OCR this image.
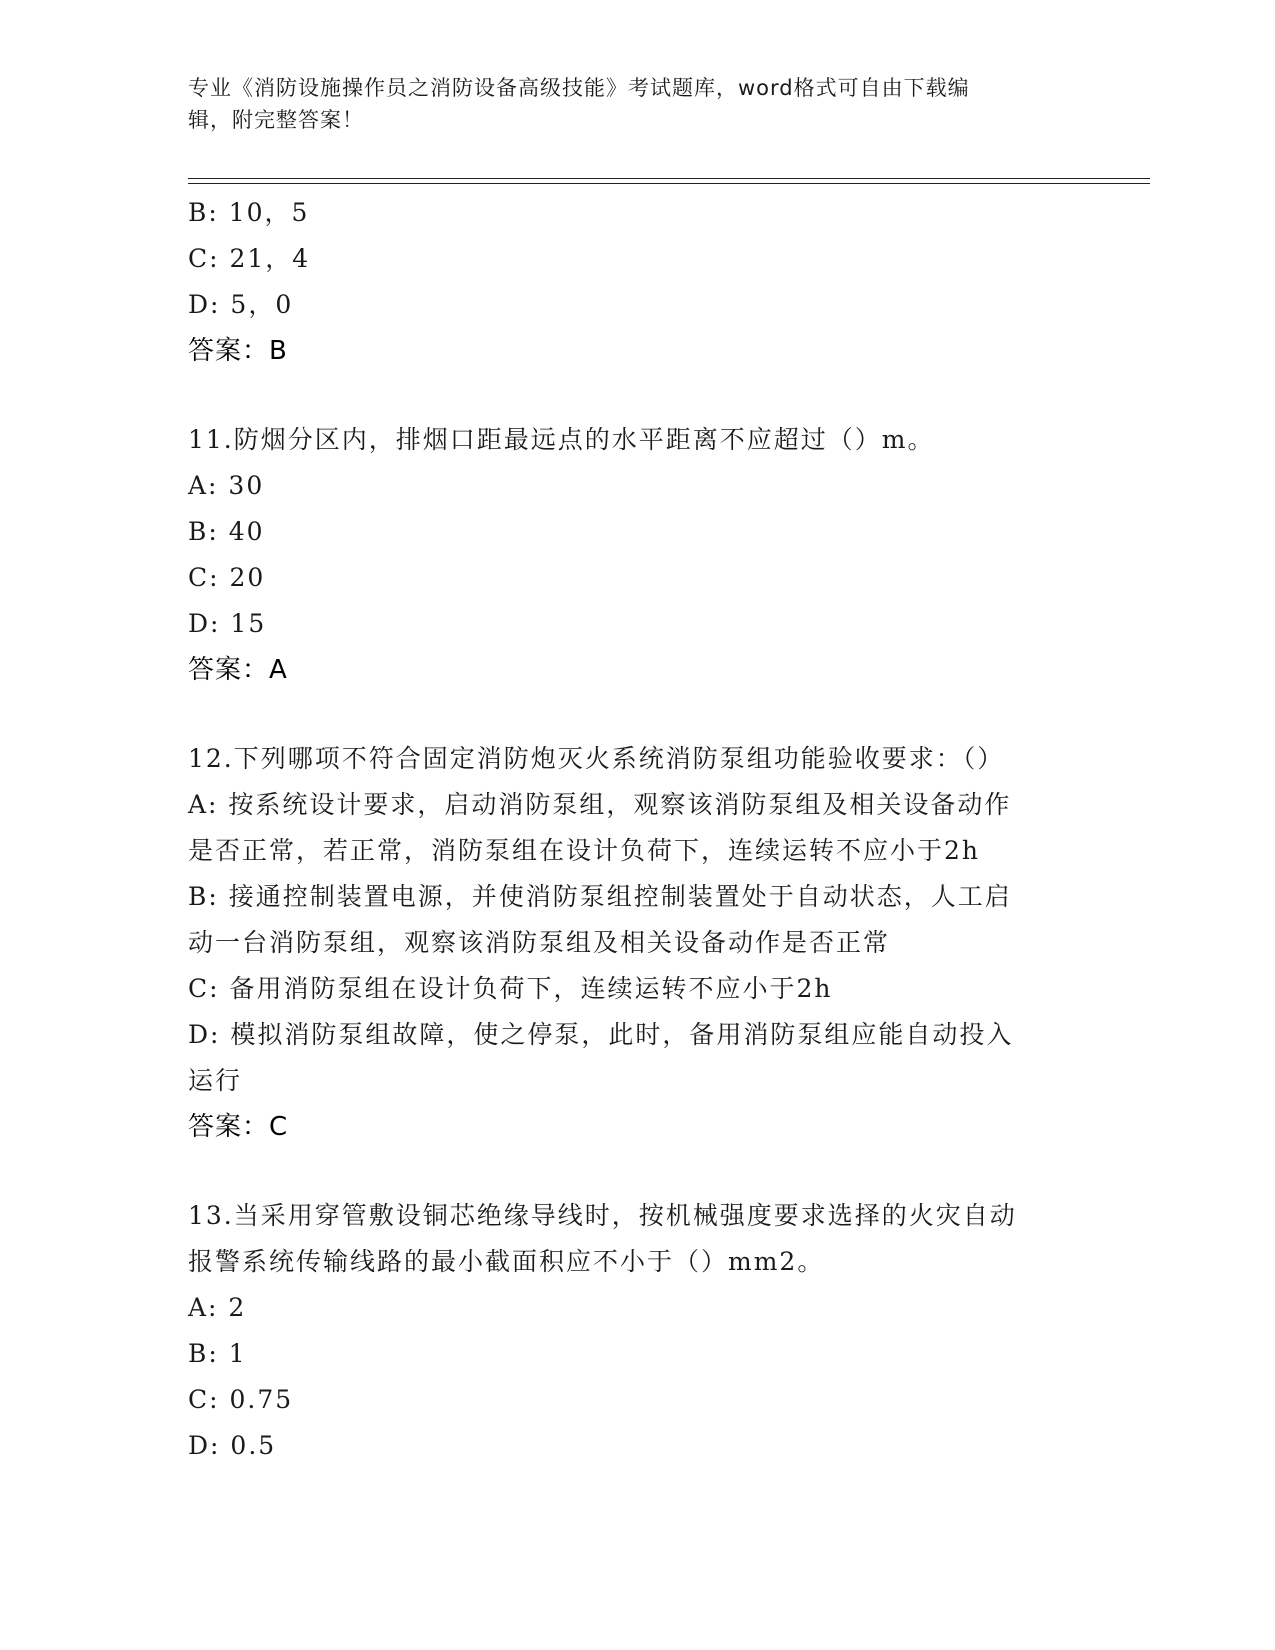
专业《消防设施操作员之消防设备高级技能》考试题库，word格式可自由下载编
辑，附完整答案！
B: 10，5
C: 21，4
D: 5，0
答案：B
11.防烟分区内，排烟口距最远点的水平距离不应超过（）m。
A: 30
B: 40
C: 20
D: 15
答案：A
12.下列哪项不符合固定消防炮灭火系统消防泵组功能验收要求：（）
A: 按系统设计要求，启动消防泵组，观察该消防泵组及相关设备动作
是否正常，若正常，消防泵组在设计负荷下，连续运转不应小于2h
B: 接通控制装置电源，并使消防泵组控制装置处于自动状态，人工启
动一台消防泵组，观察该消防泵组及相关设备动作是否正常
C: 备用消防泵组在设计负荷下，连续运转不应小于2h
D: 模拟消防泵组故障，使之停泵，此时，备用消防泵组应能自动投入
运行
答案：C
13.当采用穿管敷设铜芯绝缘导线时，按机械强度要求选择的火灾自动
报警系统传输线路的最小截面积应不小于（）mm2。
A: 2
B: 1
C: 0.75
D: 0.5
